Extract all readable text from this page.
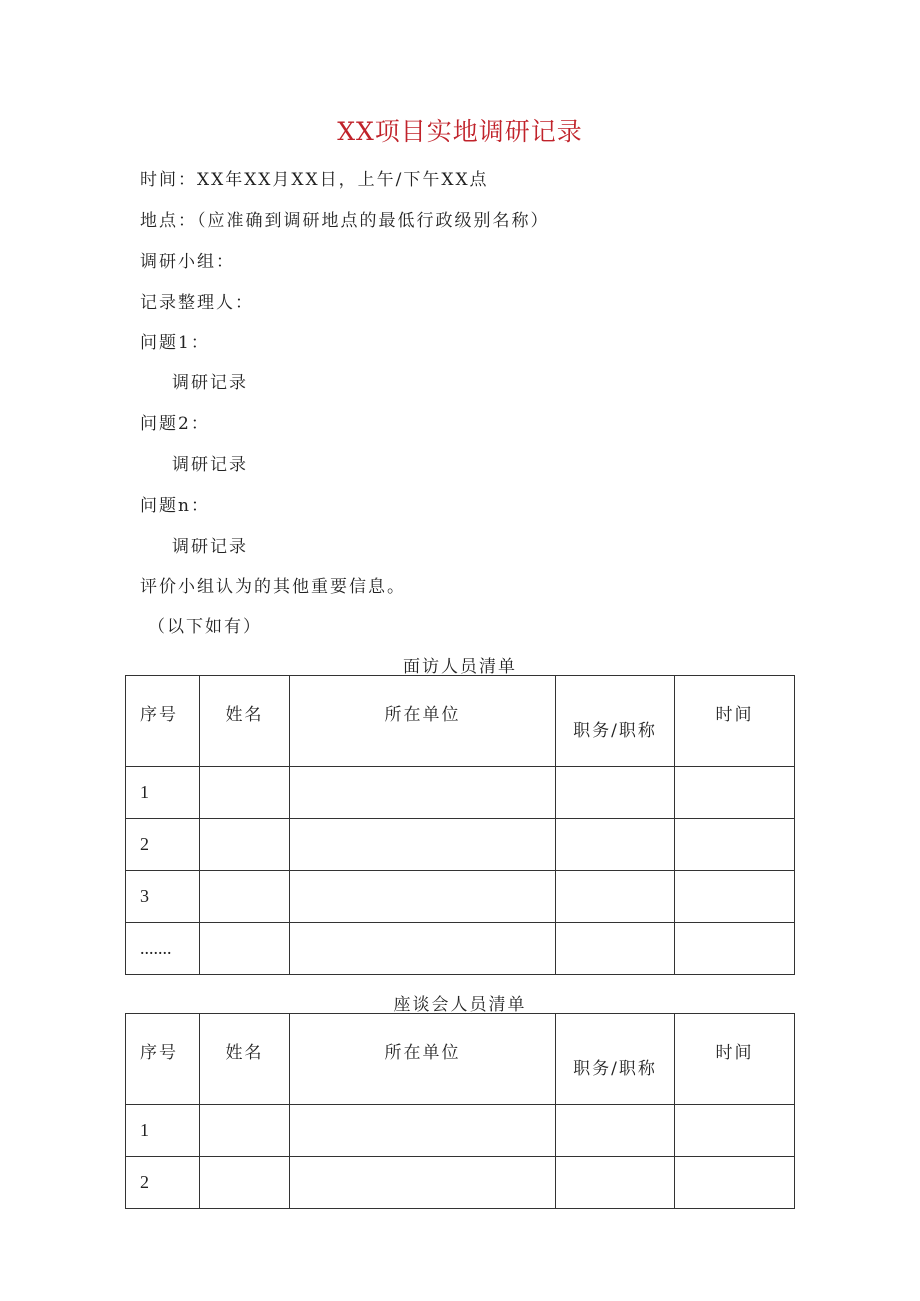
XX项目实地调研记录
时间：XX年XX月XX日，上午/下午XX点
地点：（应准确到调研地点的最低行政级别名称）
调研小组：
记录整理人：
问题1：
调研记录
问题2：
调研记录
问题n：
调研记录
评价小组认为的其他重要信息。
（以下如有）
面访人员清单
序号	姓名	所在单位	职务/职称	时间
1				
2				
3				
.......				
座谈会人员清单
序号	姓名	所在单位	职务/职称	时间
1				
2				
